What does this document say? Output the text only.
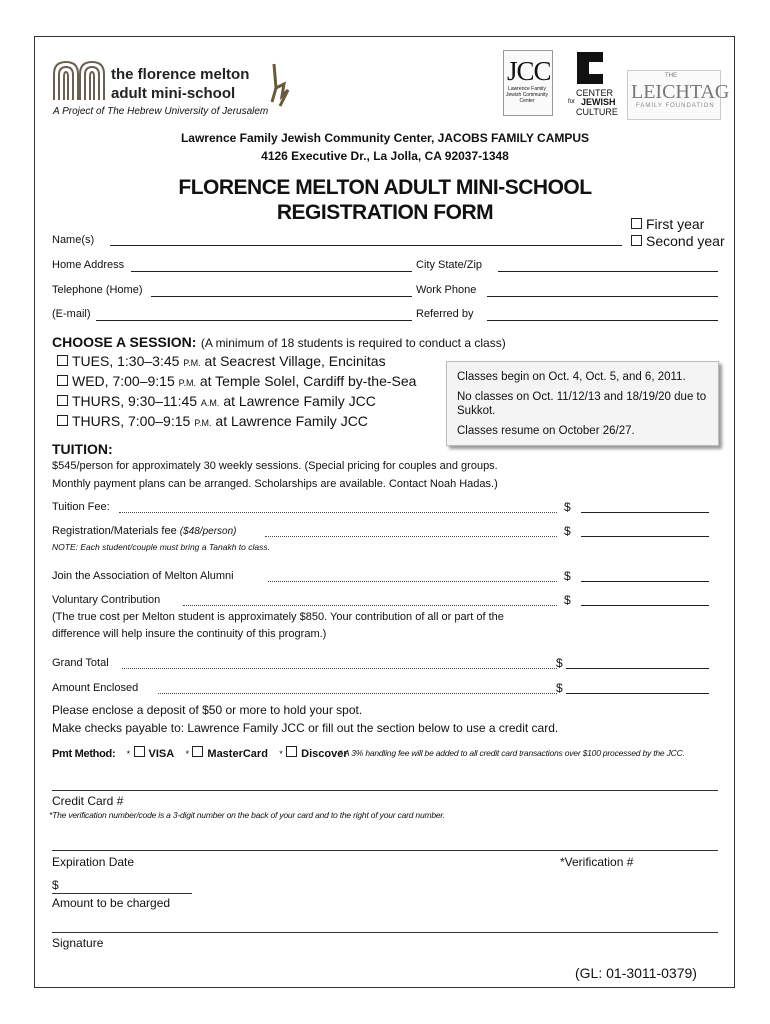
the florence melton
adult mini-school
A Project of The Hebrew University of Jerusalem
JCC
Lawrence Family Jewish Community Center
CENTER
for JEWISH
CULTURE
THE
LEICHTAG
FAMILY FOUNDATION
Lawrence Family Jewish Community Center, JACOBS FAMILY CAMPUS
4126 Executive Dr., La Jolla, CA 92037-1348
FLORENCE MELTON ADULT MINI-SCHOOL
REGISTRATION FORM	First year
Second year
Name(s)
Home Address	City State/Zip
Telephone (Home)	Work Phone
(E-mail)	Referred by
CHOOSE A SESSION: (A minimum of 18 students is required to conduct a class)
TUES, 1:30–3:45 P.M. at Seacrest Village, Encinitas
WED, 7:00–9:15 P.M. at Temple Solel, Cardiff by-the-Sea
THURS, 9:30–11:45 A.M. at Lawrence Family JCC
THURS, 7:00–9:15 P.M. at Lawrence Family JCC

Classes begin on Oct. 4, Oct. 5, and 6, 2011.

No classes on Oct. 11/12/13 and 18/19/20 due to Sukkot.

Classes resume on October 26/27.

TUITION:
$545/person for approximately 30 weekly sessions. (Special pricing for couples and groups.
Monthly payment plans can be arranged. Scholarships are available. Contact Noah Hadas.)
Tuition Fee:	$
Registration/Materials fee ($48/person)	$
NOTE: Each student/couple must bring a Tanakh to class.
Join the Association of Melton Alumni	$
Voluntary Contribution	$
(The true cost per Melton student is approximately $850. Your contribution of all or part of the
difference will help insure the continuity of this program.)
Grand Total	$
Amount Enclosed	$
Please enclose a deposit of $50 or more to hold your spot.
Make checks payable to: Lawrence Family JCC or fill out the section below to use a credit card.
Pmt Method: * VISA * MasterCard * Discover
* A 3% handling fee will be added to all credit card transactions over $100 processed by the JCC.
Credit Card #
*The verification number/code is a 3-digit number on the back of your card and to the right of your card number.
Expiration Date	*Verification #
$
Amount to be charged
Signature
(GL: 01-3011-0379)
